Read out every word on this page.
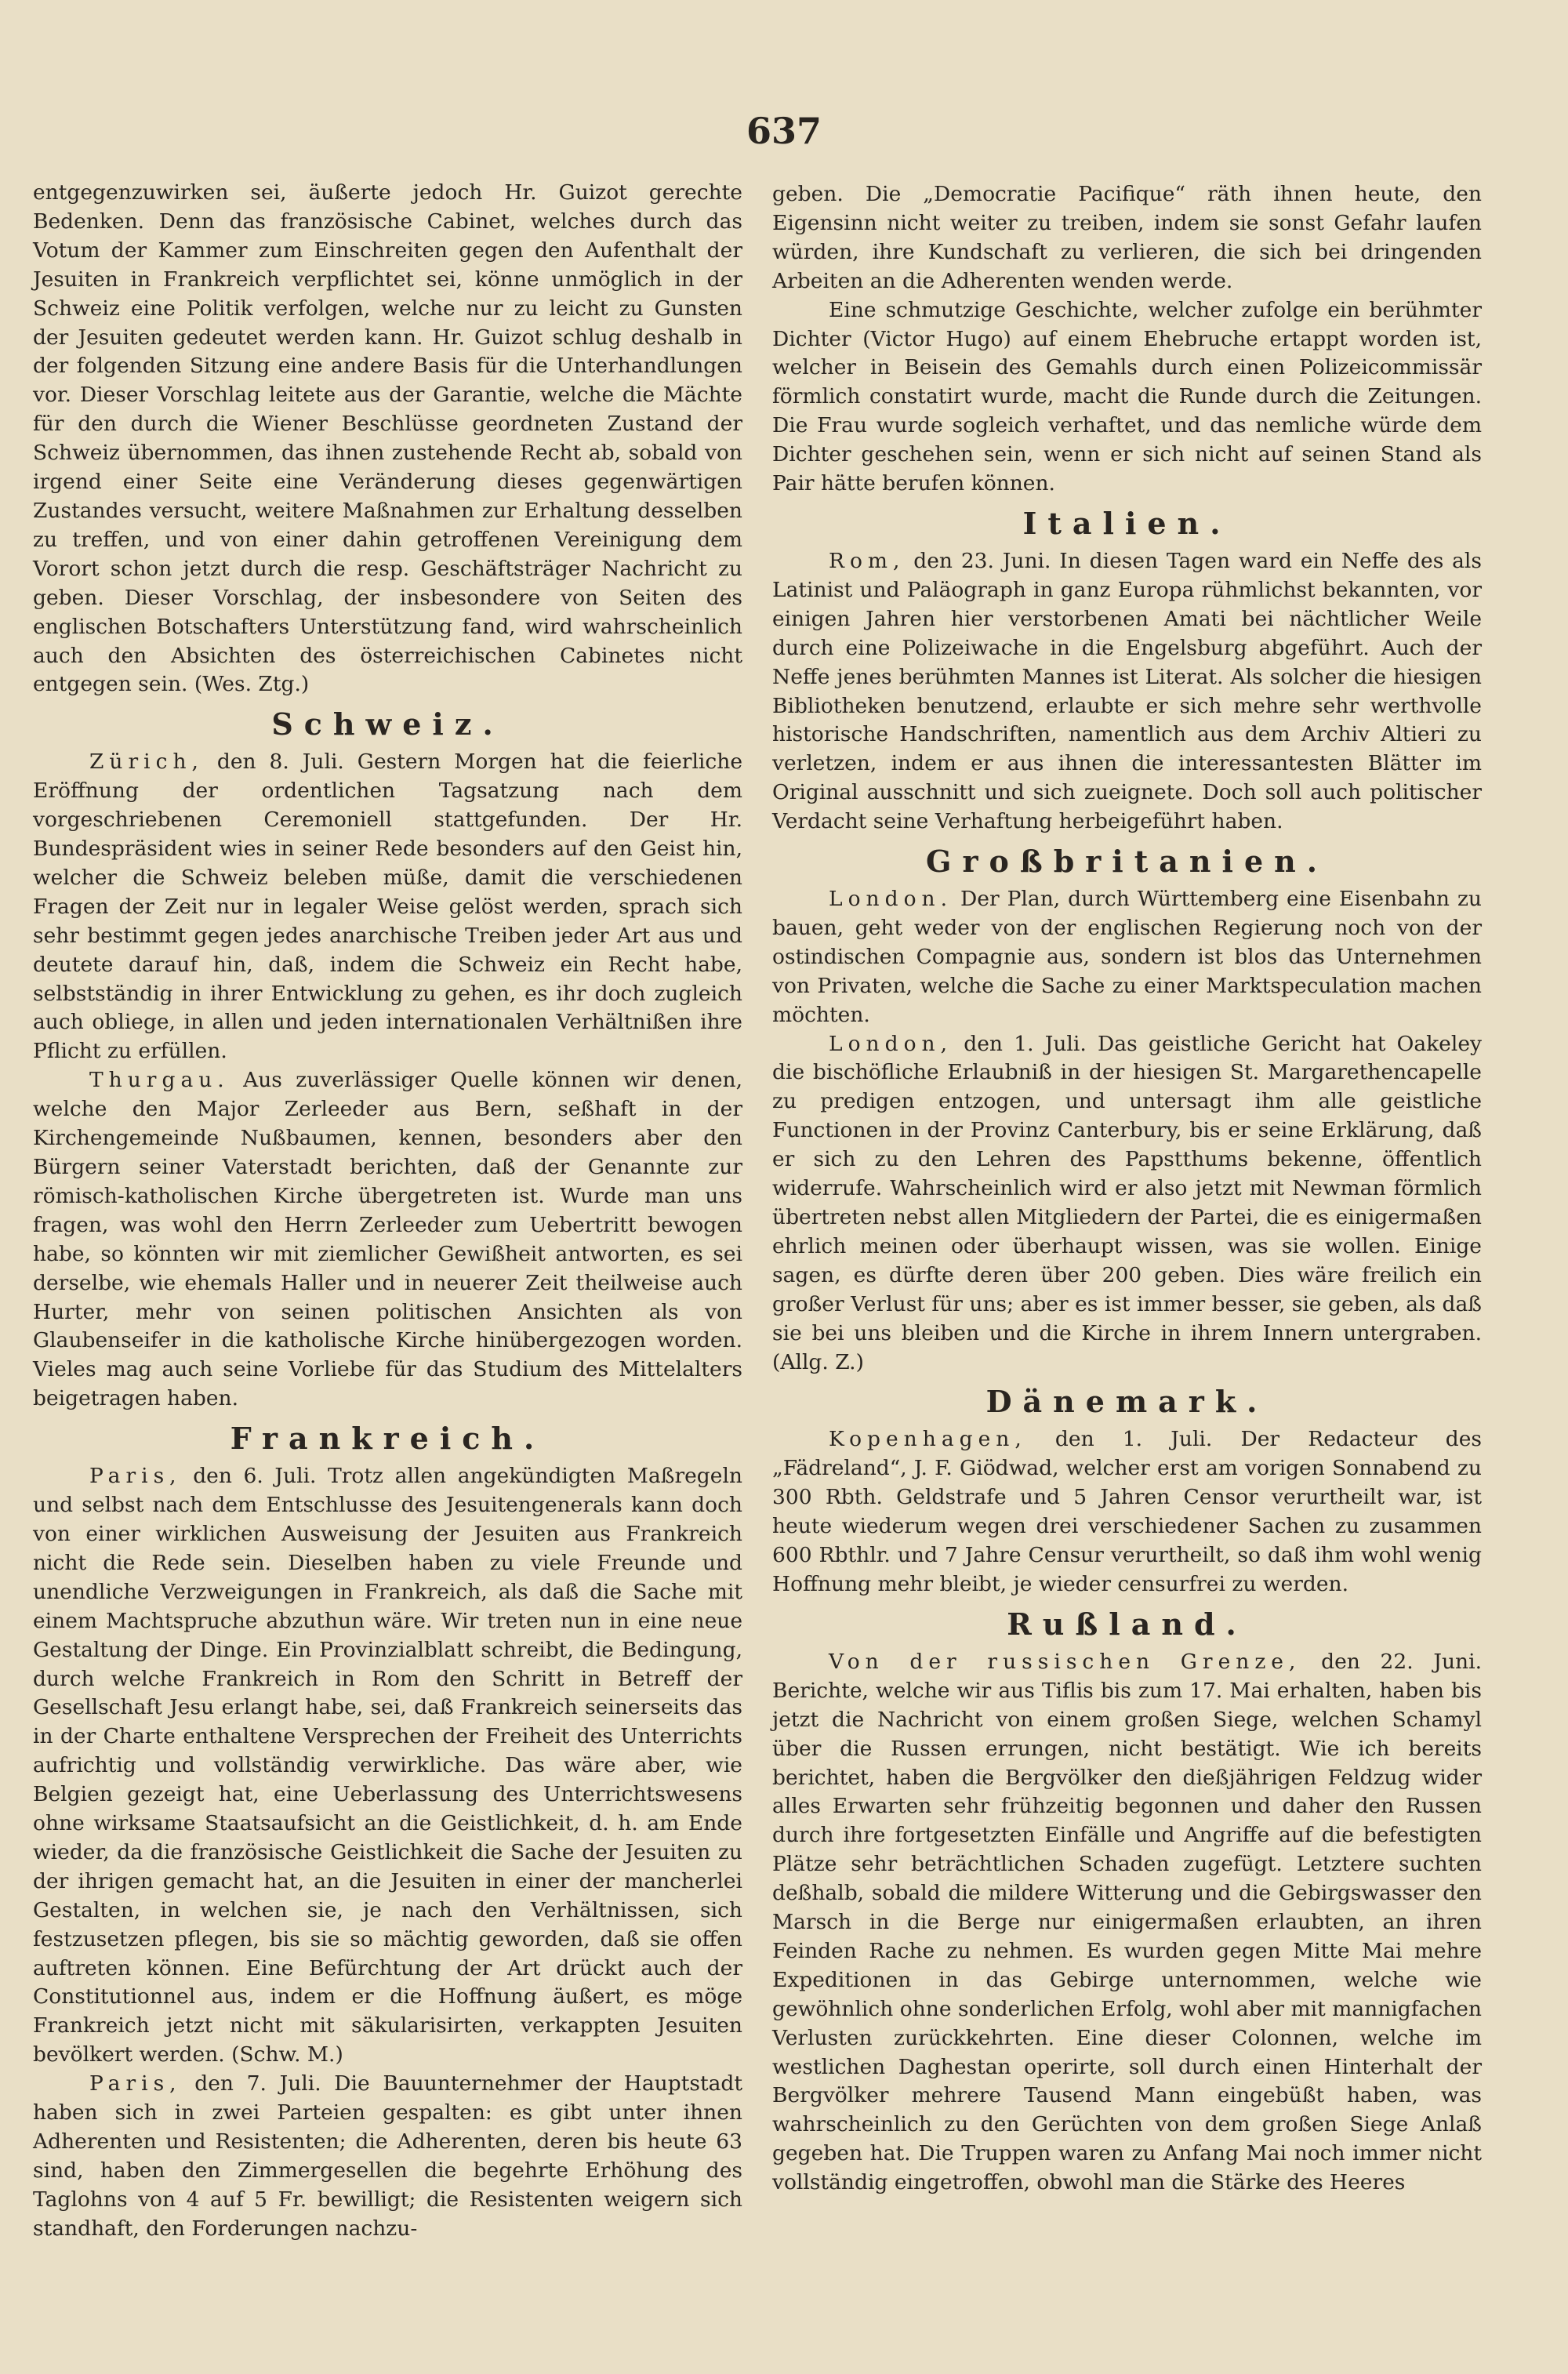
637

entgegenzuwirken sei, äußerte jedoch Hr. Guizot gerechte Bedenken. Denn das französische Cabinet, welches durch das Votum der Kammer zum Einschreiten gegen den Aufenthalt der Jesuiten in Frankreich verpflichtet sei, könne unmöglich in der Schweiz eine Politik verfolgen, welche nur zu leicht zu Gunsten der Jesuiten gedeutet werden kann. Hr. Guizot schlug deshalb in der folgenden Sitzung eine andere Basis für die Unterhandlungen vor. Dieser Vorschlag leitete aus der Garantie, welche die Mächte für den durch die Wiener Beschlüsse geordneten Zustand der Schweiz übernommen, das ihnen zustehende Recht ab, sobald von irgend einer Seite eine Veränderung dieses gegenwärtigen Zustandes versucht, weitere Maßnahmen zur Erhaltung desselben zu treffen, und von einer dahin getroffenen Vereinigung dem Vorort schon jetzt durch die resp. Geschäftsträger Nachricht zu geben. Dieser Vorschlag, der insbesondere von Seiten des englischen Botschafters Unterstützung fand, wird wahrscheinlich auch den Absichten des österreichischen Cabinetes nicht entgegen sein. (Wes. Ztg.)

Schweiz.

Zürich, den 8. Juli. Gestern Morgen hat die feierliche Eröffnung der ordentlichen Tagsatzung nach dem vorgeschriebenen Ceremoniell stattgefunden. Der Hr. Bundespräsident wies in seiner Rede besonders auf den Geist hin, welcher die Schweiz beleben müße, damit die verschiedenen Fragen der Zeit nur in legaler Weise gelöst werden, sprach sich sehr bestimmt gegen jedes anarchische Treiben jeder Art aus und deutete darauf hin, daß, indem die Schweiz ein Recht habe, selbstständig in ihrer Entwicklung zu gehen, es ihr doch zugleich auch obliege, in allen und jeden internationalen Verhältnißen ihre Pflicht zu erfüllen.

Thurgau. Aus zuverlässiger Quelle können wir denen, welche den Major Zerleeder aus Bern, seßhaft in der Kirchengemeinde Nußbaumen, kennen, besonders aber den Bürgern seiner Vaterstadt berichten, daß der Genannte zur römisch-katholischen Kirche übergetreten ist. Wurde man uns fragen, was wohl den Herrn Zerleeder zum Uebertritt bewogen habe, so könnten wir mit ziemlicher Gewißheit antworten, es sei derselbe, wie ehemals Haller und in neuerer Zeit theilweise auch Hurter, mehr von seinen politischen Ansichten als von Glaubenseifer in die katholische Kirche hinübergezogen worden. Vieles mag auch seine Vorliebe für das Studium des Mittelalters beigetragen haben.

Frankreich.

Paris, den 6. Juli. Trotz allen angekündigten Maßregeln und selbst nach dem Entschlusse des Jesuitengenerals kann doch von einer wirklichen Ausweisung der Jesuiten aus Frankreich nicht die Rede sein. Dieselben haben zu viele Freunde und unendliche Verzweigungen in Frankreich, als daß die Sache mit einem Machtspruche abzuthun wäre. Wir treten nun in eine neue Gestaltung der Dinge. Ein Provinzialblatt schreibt, die Bedingung, durch welche Frankreich in Rom den Schritt in Betreff der Gesellschaft Jesu erlangt habe, sei, daß Frankreich seinerseits das in der Charte enthaltene Versprechen der Freiheit des Unterrichts aufrichtig und vollständig verwirkliche. Das wäre aber, wie Belgien gezeigt hat, eine Ueberlassung des Unterrichtswesens ohne wirksame Staatsaufsicht an die Geistlichkeit, d. h. am Ende wieder, da die französische Geistlichkeit die Sache der Jesuiten zu der ihrigen gemacht hat, an die Jesuiten in einer der mancherlei Gestalten, in welchen sie, je nach den Verhältnissen, sich festzusetzen pflegen, bis sie so mächtig geworden, daß sie offen auftreten können. Eine Befürchtung der Art drückt auch der Constitutionnel aus, indem er die Hoffnung äußert, es möge Frankreich jetzt nicht mit säkularisirten, verkappten Jesuiten bevölkert werden. (Schw. M.)

Paris, den 7. Juli. Die Bauunternehmer der Hauptstadt haben sich in zwei Parteien gespalten: es gibt unter ihnen Adherenten und Resistenten; die Adherenten, deren bis heute 63 sind, haben den Zimmergesellen die begehrte Erhöhung des Taglohns von 4 auf 5 Fr. bewilligt; die Resistenten weigern sich standhaft, den Forderungen nachzu-

geben. Die „Democratie Pacifique“ räth ihnen heute, den Eigensinn nicht weiter zu treiben, indem sie sonst Gefahr laufen würden, ihre Kundschaft zu verlieren, die sich bei dringenden Arbeiten an die Adherenten wenden werde.

Eine schmutzige Geschichte, welcher zufolge ein berühmter Dichter (Victor Hugo) auf einem Ehebruche ertappt worden ist, welcher in Beisein des Gemahls durch einen Polizeicommissär förmlich constatirt wurde, macht die Runde durch die Zeitungen. Die Frau wurde sogleich verhaftet, und das nemliche würde dem Dichter geschehen sein, wenn er sich nicht auf seinen Stand als Pair hätte berufen können.

Italien.

Rom, den 23. Juni. In diesen Tagen ward ein Neffe des als Latinist und Paläograph in ganz Europa rühmlichst bekannten, vor einigen Jahren hier verstorbenen Amati bei nächtlicher Weile durch eine Polizeiwache in die Engelsburg abgeführt. Auch der Neffe jenes berühmten Mannes ist Literat. Als solcher die hiesigen Bibliotheken benutzend, erlaubte er sich mehre sehr werthvolle historische Handschriften, namentlich aus dem Archiv Altieri zu verletzen, indem er aus ihnen die interessantesten Blätter im Original ausschnitt und sich zueignete. Doch soll auch politischer Verdacht seine Verhaftung herbeigeführt haben.

Großbritanien.

London. Der Plan, durch Württemberg eine Eisenbahn zu bauen, geht weder von der englischen Regierung noch von der ostindischen Compagnie aus, sondern ist blos das Unternehmen von Privaten, welche die Sache zu einer Marktspeculation machen möchten.

London, den 1. Juli. Das geistliche Gericht hat Oakeley die bischöfliche Erlaubniß in der hiesigen St. Margarethencapelle zu predigen entzogen, und untersagt ihm alle geistliche Functionen in der Provinz Canterbury, bis er seine Erklärung, daß er sich zu den Lehren des Papstthums bekenne, öffentlich widerrufe. Wahrscheinlich wird er also jetzt mit Newman förmlich übertreten nebst allen Mitgliedern der Partei, die es einigermaßen ehrlich meinen oder überhaupt wissen, was sie wollen. Einige sagen, es dürfte deren über 200 geben. Dies wäre freilich ein großer Verlust für uns; aber es ist immer besser, sie geben, als daß sie bei uns bleiben und die Kirche in ihrem Innern untergraben. (Allg. Z.)

Dänemark.

Kopenhagen, den 1. Juli. Der Redacteur des „Fädreland“, J. F. Giödwad, welcher erst am vorigen Sonnabend zu 300 Rbth. Geldstrafe und 5 Jahren Censor verurtheilt war, ist heute wiederum wegen drei verschiedener Sachen zu zusammen 600 Rbthlr. und 7 Jahre Censur verurtheilt, so daß ihm wohl wenig Hoffnung mehr bleibt, je wieder censurfrei zu werden.

Rußland.

Von der russischen Grenze, den 22. Juni. Berichte, welche wir aus Tiflis bis zum 17. Mai erhalten, haben bis jetzt die Nachricht von einem großen Siege, welchen Schamyl über die Russen errungen, nicht bestätigt. Wie ich bereits berichtet, haben die Bergvölker den dießjährigen Feldzug wider alles Erwarten sehr frühzeitig begonnen und daher den Russen durch ihre fortgesetzten Einfälle und Angriffe auf die befestigten Plätze sehr beträchtlichen Schaden zugefügt. Letztere suchten deßhalb, sobald die mildere Witterung und die Gebirgswasser den Marsch in die Berge nur einigermaßen erlaubten, an ihren Feinden Rache zu nehmen. Es wurden gegen Mitte Mai mehre Expeditionen in das Gebirge unternommen, welche wie gewöhnlich ohne sonderlichen Erfolg, wohl aber mit mannigfachen Verlusten zurückkehrten. Eine dieser Colonnen, welche im westlichen Daghestan operirte, soll durch einen Hinterhalt der Bergvölker mehrere Tausend Mann eingebüßt haben, was wahrscheinlich zu den Gerüchten von dem großen Siege Anlaß gegeben hat. Die Truppen waren zu Anfang Mai noch immer nicht vollständig eingetroffen, obwohl man die Stärke des Heeres
